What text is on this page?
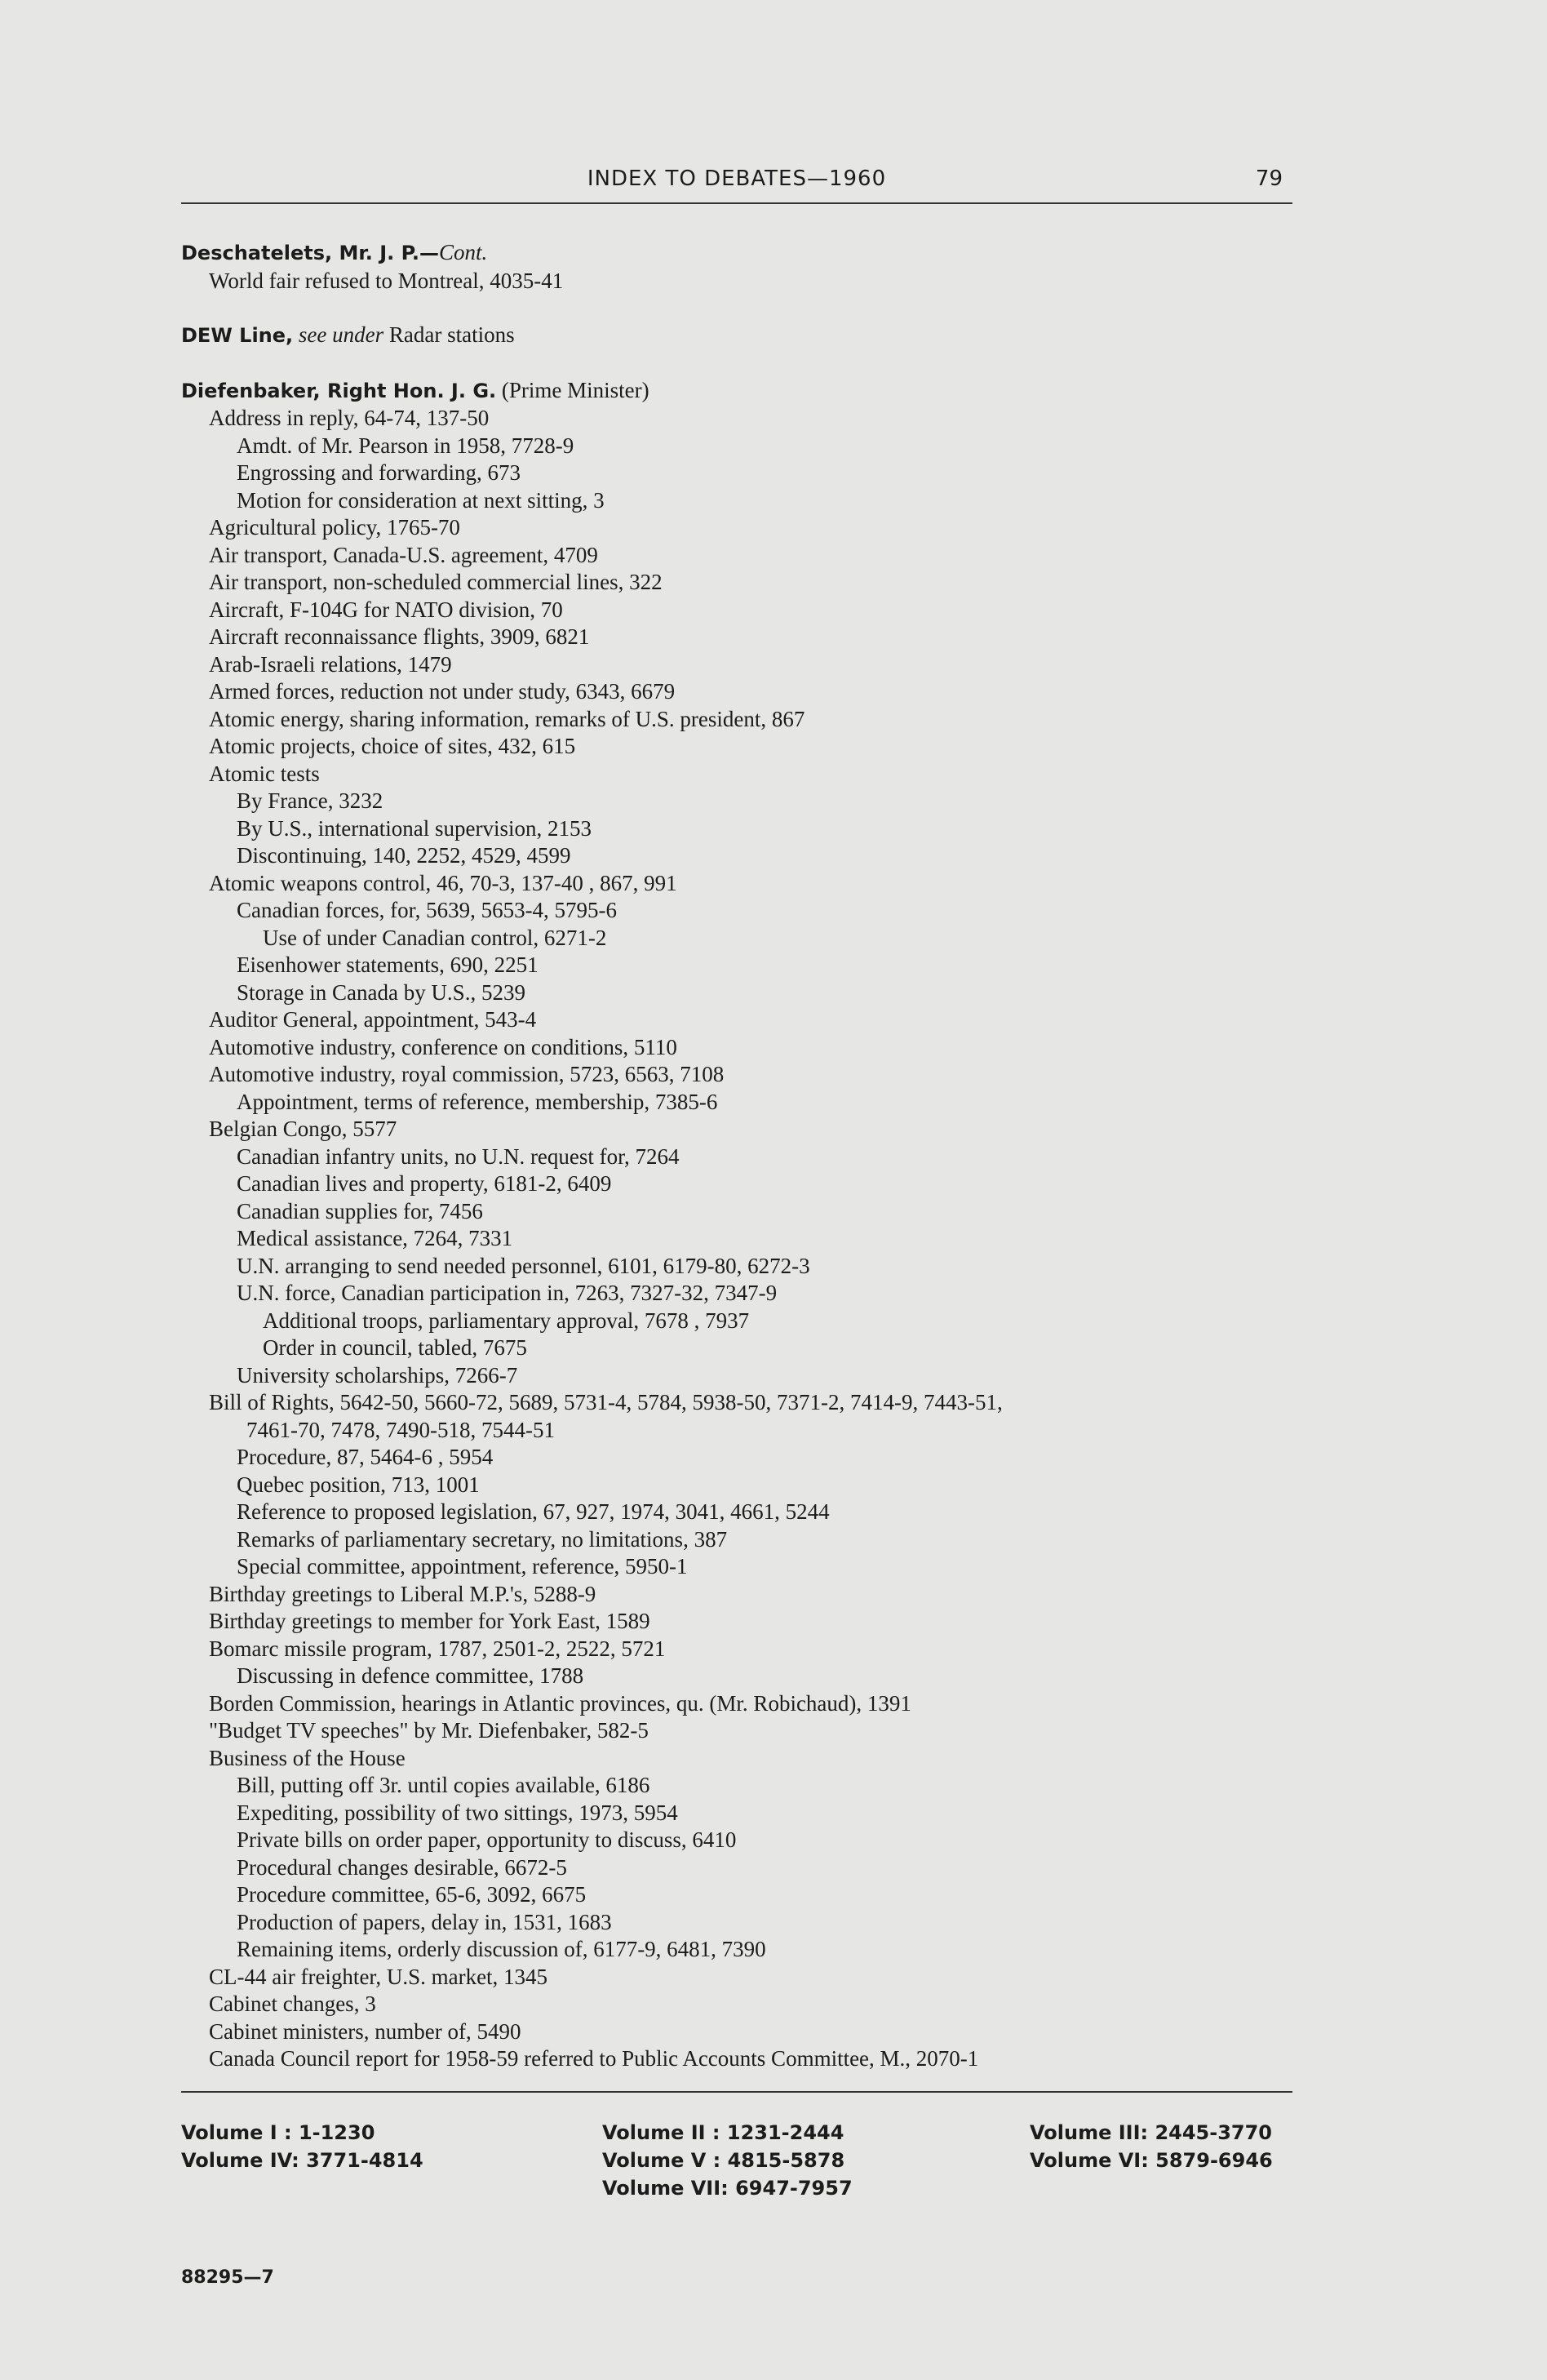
INDEX TO DEBATES—1960	79
Deschatelets, Mr. J. P.—Cont.
World fair refused to Montreal, 4035-41
DEW Line, see under Radar stations
Diefenbaker, Right Hon. J. G. (Prime Minister)
Address in reply, 64-74, 137-50
Amdt. of Mr. Pearson in 1958, 7728-9
Engrossing and forwarding, 673
Motion for consideration at next sitting, 3
Agricultural policy, 1765-70
Air transport, Canada-U.S. agreement, 4709
Air transport, non-scheduled commercial lines, 322
Aircraft, F-104G for NATO division, 70
Aircraft reconnaissance flights, 3909, 6821
Arab-Israeli relations, 1479
Armed forces, reduction not under study, 6343, 6679
Atomic energy, sharing information, remarks of U.S. president, 867
Atomic projects, choice of sites, 432, 615
Atomic tests
By France, 3232
By U.S., international supervision, 2153
Discontinuing, 140, 2252, 4529, 4599
Atomic weapons control, 46, 70-3, 137-40 , 867, 991
Canadian forces, for, 5639, 5653-4, 5795-6
Use of under Canadian control, 6271-2
Eisenhower statements, 690, 2251
Storage in Canada by U.S., 5239
Auditor General, appointment, 543-4
Automotive industry, conference on conditions, 5110
Automotive industry, royal commission, 5723, 6563, 7108
Appointment, terms of reference, membership, 7385-6
Belgian Congo, 5577
Canadian infantry units, no U.N. request for, 7264
Canadian lives and property, 6181-2, 6409
Canadian supplies for, 7456
Medical assistance, 7264, 7331
U.N. arranging to send needed personnel, 6101, 6179-80, 6272-3
U.N. force, Canadian participation in, 7263, 7327-32, 7347-9
Additional troops, parliamentary approval, 7678 , 7937
Order in council, tabled, 7675
University scholarships, 7266-7
Bill of Rights, 5642-50, 5660-72, 5689, 5731-4, 5784, 5938-50, 7371-2, 7414-9, 7443-51,
7461-70, 7478, 7490-518, 7544-51
Procedure, 87, 5464-6 , 5954
Quebec position, 713, 1001
Reference to proposed legislation, 67, 927, 1974, 3041, 4661, 5244
Remarks of parliamentary secretary, no limitations, 387
Special committee, appointment, reference, 5950-1
Birthday greetings to Liberal M.P.'s, 5288-9
Birthday greetings to member for York East, 1589
Bomarc missile program, 1787, 2501-2, 2522, 5721
Discussing in defence committee, 1788
Borden Commission, hearings in Atlantic provinces, qu. (Mr. Robichaud), 1391
"Budget TV speeches" by Mr. Diefenbaker, 582-5
Business of the House
Bill, putting off 3r. until copies available, 6186
Expediting, possibility of two sittings, 1973, 5954
Private bills on order paper, opportunity to discuss, 6410
Procedural changes desirable, 6672-5
Procedure committee, 65-6, 3092, 6675
Production of papers, delay in, 1531, 1683
Remaining items, orderly discussion of, 6177-9, 6481, 7390
CL-44 air freighter, U.S. market, 1345
Cabinet changes, 3
Cabinet ministers, number of, 5490
Canada Council report for 1958-59 referred to Public Accounts Committee, M., 2070-1
Volume I : 1-1230
Volume IV: 3771-4814
Volume II : 1231-2444
Volume V : 4815-5878
Volume VII: 6947-7957
Volume III: 2445-3770
Volume VI: 5879-6946
88295—7
